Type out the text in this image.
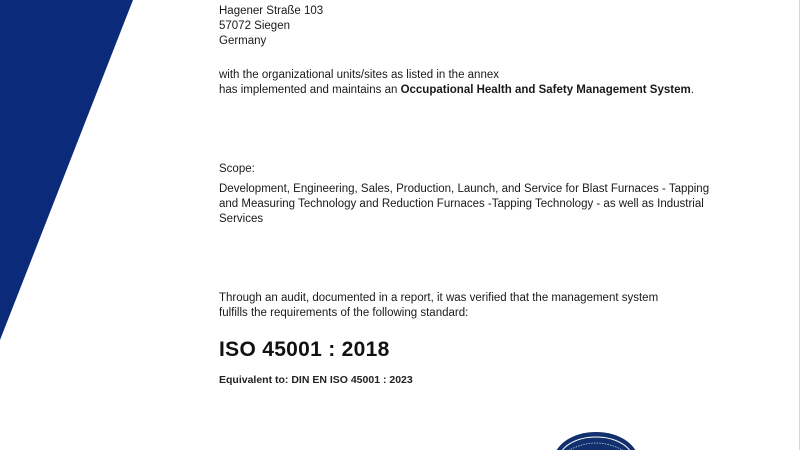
Hagener Straße 103
57072 Siegen
Germany
with the organizational units/sites as listed in the annex
has implemented and maintains an Occupational Health and Safety Management System.
Scope:
Development, Engineering, Sales, Production, Launch, and Service for Blast Furnaces - Tapping
and Measuring Technology and Reduction Furnaces -Tapping Technology - as well as Industrial
Services
Through an audit, documented in a report, it was verified that the management system
fulfills the requirements of the following standard:
ISO 45001 : 2018
Equivalent to: DIN EN ISO 45001 : 2023
